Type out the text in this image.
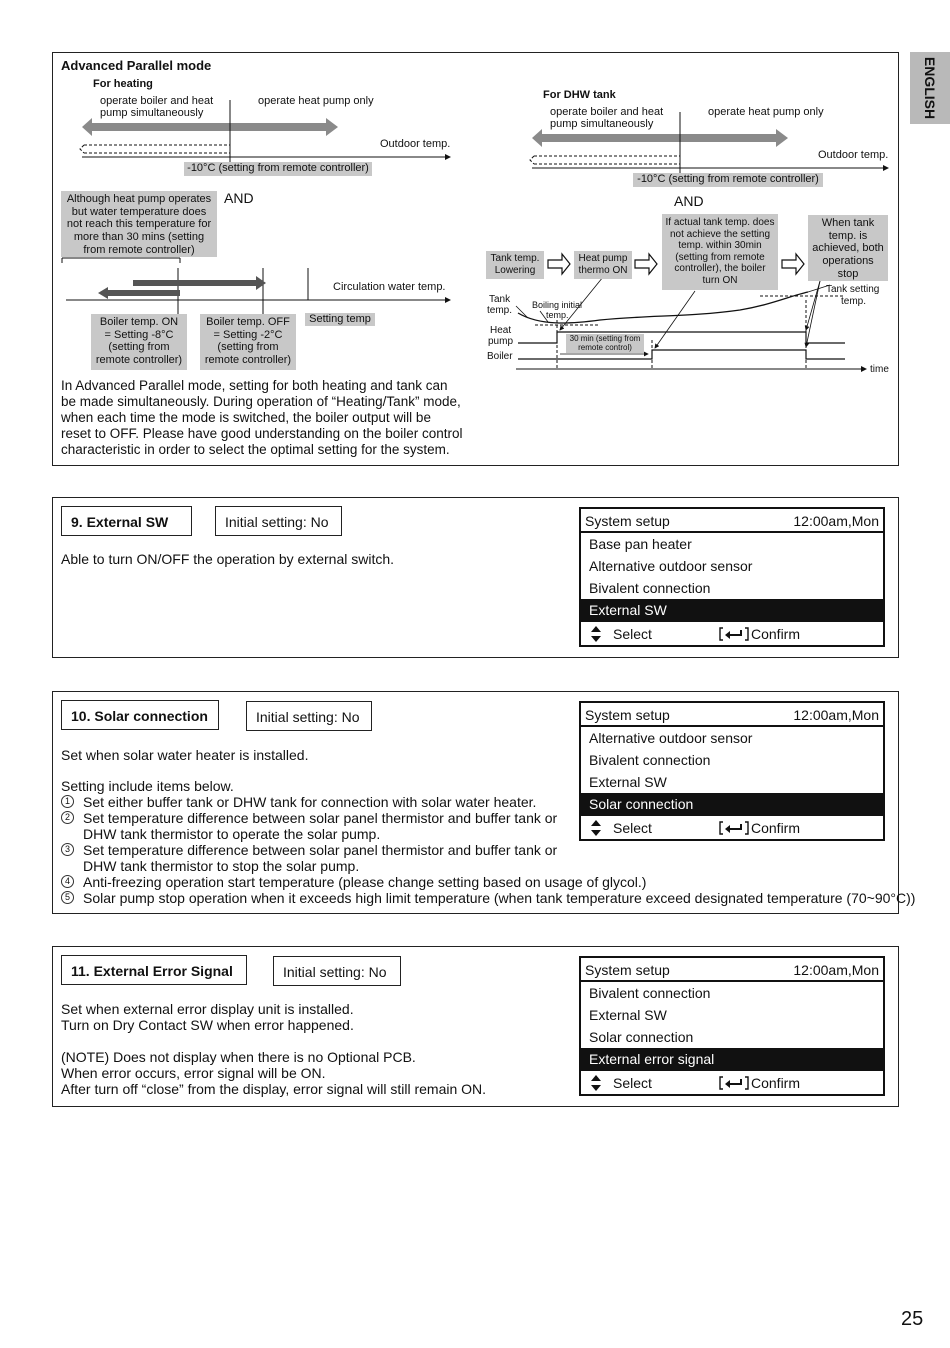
ENGLISH
Advanced Parallel mode
For heating
operate boiler and heat
pump simultaneously
operate heat pump only
Outdoor temp.
-10°C (setting from remote controller)
Although heat pump operates
but water temperature does
not reach this temperature for
more than 30 mins (setting
from remote controller)
AND
Circulation water temp.
Setting temp
Boiler temp. ON
= Setting -8°C
(setting from
remote controller)
Boiler temp. OFF
= Setting -2°C
(setting from
remote controller)

In Advanced Parallel mode, setting for both heating and tank can

be made simultaneously. During operation of “Heating/Tank” mode,

when each time the mode is switched, the boiler output will be

reset to OFF. Please have good understanding on the boiler control

characteristic in order to select the optimal setting for the system.

For DHW tank
operate boiler and heat
pump simultaneously
operate heat pump only
Outdoor temp.
-10°C (setting from remote controller)
AND
Tank temp.
Lowering
Heat pump
thermo ON
If actual tank temp. does
not achieve the setting
temp. within 30min
(setting from remote
controller), the boiler
turn ON
When tank
temp. is
achieved, both
operations
stop
Tank
temp.
Heat
pump
Boiler
Boiling initial
temp.
30 min (setting from
remote control)
Tank setting
temp.
time
9. External SW	Initial setting: No
Able to turn ON/OFF the operation by external switch.
System setup	12:00am,Mon
Base pan heater
Alternative outdoor sensor
Bivalent connection
External SW
Select	Confirm
10. Solar connection	Initial setting: No
Set when solar water heater is installed.
Setting include items below.
1 Set either buffer tank or DHW tank for connection with solar water heater.
2 Set temperature difference between solar panel thermistor and buffer tank or
DHW tank thermistor to operate the solar pump.
3 Set temperature difference between solar panel thermistor and buffer tank or
DHW tank thermistor to stop the solar pump.
4 Anti-freezing operation start temperature (please change setting based on usage of glycol.)
5 Solar pump stop operation when it exceeds high limit temperature (when tank temperature exceed designated temperature (70~90°C))
System setup	12:00am,Mon
Alternative outdoor sensor
Bivalent connection
External SW
Solar connection
Select	Confirm
11. External Error Signal	Initial setting: No

Set when external error display unit is installed.

Turn on Dry Contact SW when error happened.

(NOTE) Does not display when there is no Optional PCB.

When error occurs, error signal will be ON.

After turn off “close” from the display, error signal will still remain ON.

System setup	12:00am,Mon
Bivalent connection
External SW
Solar connection
External error signal
Select	Confirm
25
